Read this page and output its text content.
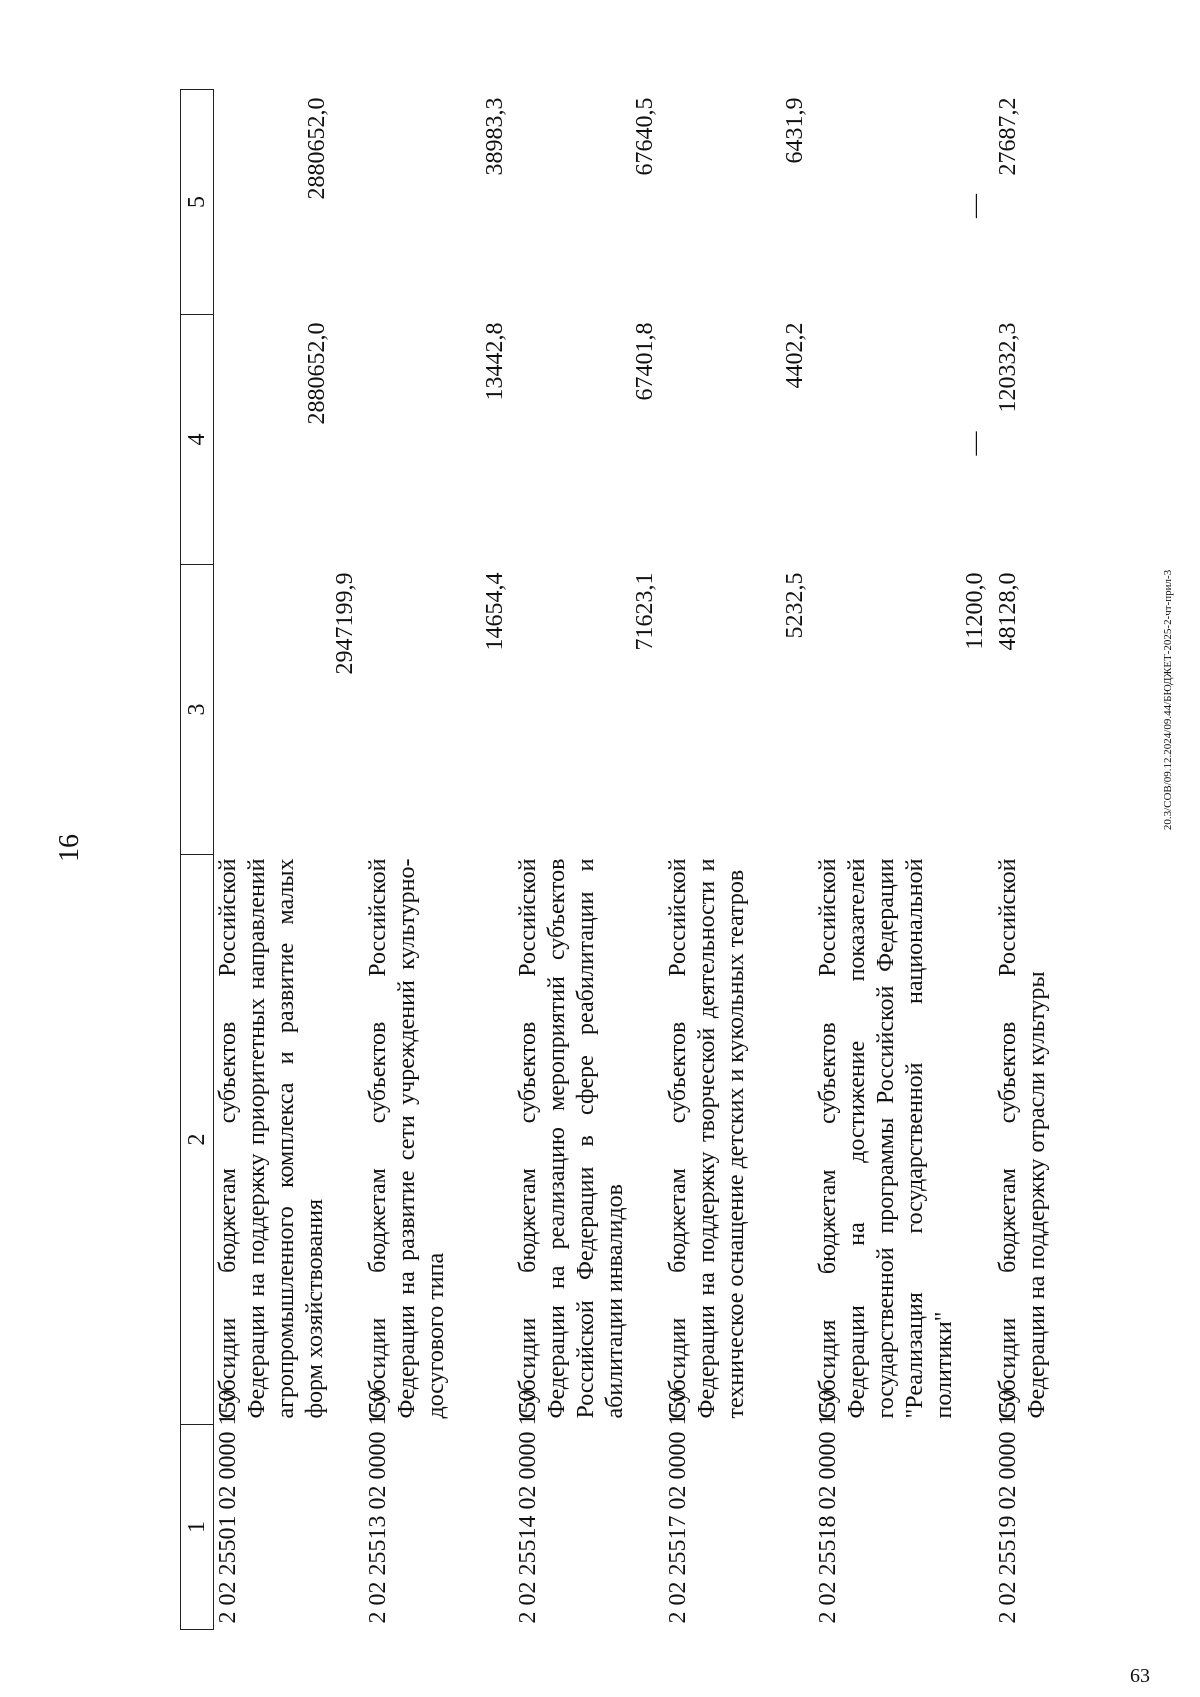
16
20.3/СОВ/09.12.2024/09.44/БЮДЖЕТ-2025-2-чт-прил-3
63
1	2	3	4	5
2 02 25501 02 0000 150	Субсидии бюджетам субъектов Российской Федерации на поддержку приоритетных направлений агропромышленного комплекса и развитие малых форм хозяйствования	2947199,9	2880652,0	2880652,0
2 02 25513 02 0000 150	Субсидии бюджетам субъектов Российской Федерации на развитие сети учреждений культурно-досугового типа	14654,4	13442,8	38983,3
2 02 25514 02 0000 150	Субсидии бюджетам субъектов Российской Федерации на реализацию мероприятий субъектов Российской Федерации в сфере реабилитации и абилитации инвалидов	71623,1	67401,8	67640,5
2 02 25517 02 0000 150	Субсидии бюджетам субъектов Российской Федерации на поддержку творческой деятельности и техническое оснащение детских и кукольных театров	5232,5	4402,2	6431,9
2 02 25518 02 0000 150	Субсидия бюджетам субъектов Российской Федерации на достижение показателей государственной программы Российской Федерации "Реализация государственной национальной политики"	11200,0	—	—
2 02 25519 02 0000 150	Субсидии бюджетам субъектов Российской Федерации на поддержку отрасли культуры	48128,0	120332,3	27687,2
